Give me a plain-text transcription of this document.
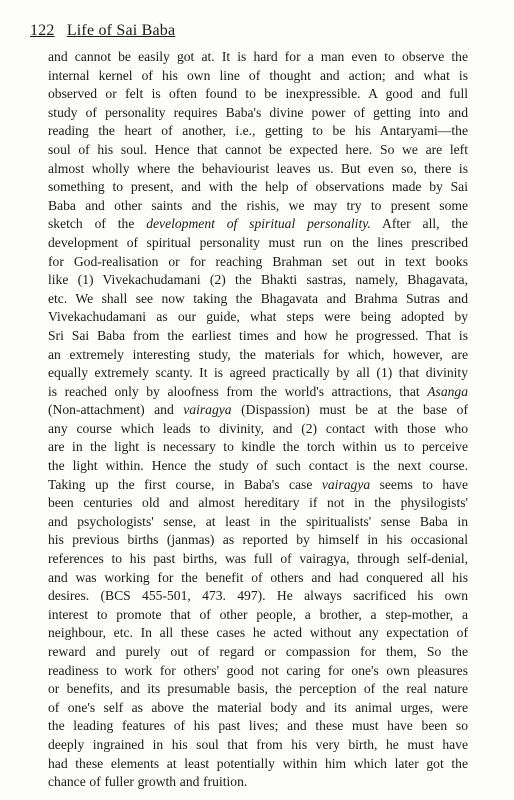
122 Life of Sai Baba
and cannot be easily got at. It is hard for a man even to observe the
internal kernel of his own line of thought and action; and what is
observed or felt is often found to be inexpressible. A good and full
study of personality requires Baba's divine power of getting into and
reading the heart of another, i.e., getting to be his Antaryami—the
soul of his soul. Hence that cannot be expected here. So we are left
almost wholly where the behaviourist leaves us. But even so, there is
something to present, and with the help of observations made by Sai
Baba and other saints and the rishis, we may try to present some
sketch of the development of spiritual personality. After all, the
development of spiritual personality must run on the lines prescribed
for God-realisation or for reaching Brahman set out in text books
like (1) Vivekachudamani (2) the Bhakti sastras, namely, Bhagavata,
etc. We shall see now taking the Bhagavata and Brahma Sutras and
Vivekachudamani as our guide, what steps were being adopted by
Sri Sai Baba from the earliest times and how he progressed. That is
an extremely interesting study, the materials for which, however, are
equally extremely scanty. It is agreed practically by all (1) that divinity
is reached only by aloofness from the world's attractions, that Asanga
(Non-attachment) and vairagya (Dispassion) must be at the base of
any course which leads to divinity, and (2) contact with those who
are in the light is necessary to kindle the torch within us to perceive
the light within. Hence the study of such contact is the next course.
Taking up the first course, in Baba's case vairagya seems to have
been centuries old and almost hereditary if not in the physilogists'
and psychologists' sense, at least in the spiritualists' sense Baba in
his previous births (janmas) as reported by himself in his occasional
references to his past births, was full of vairagya, through self-denial,
and was working for the benefit of others and had conquered all his
desires. (BCS 455-501, 473. 497). He always sacrificed his own
interest to promote that of other people, a brother, a step-mother, a
neighbour, etc. In all these cases he acted without any expectation of
reward and purely out of regard or compassion for them, So the
readiness to work for others' good not caring for one's own pleasures
or benefits, and its presumable basis, the perception of the real nature
of one's self as above the material body and its animal urges, were
the leading features of his past lives; and these must have been so
deeply ingrained in his soul that from his very birth, he must have
had these elements at least potentially within him which later got the
chance of fuller growth and fruition.
